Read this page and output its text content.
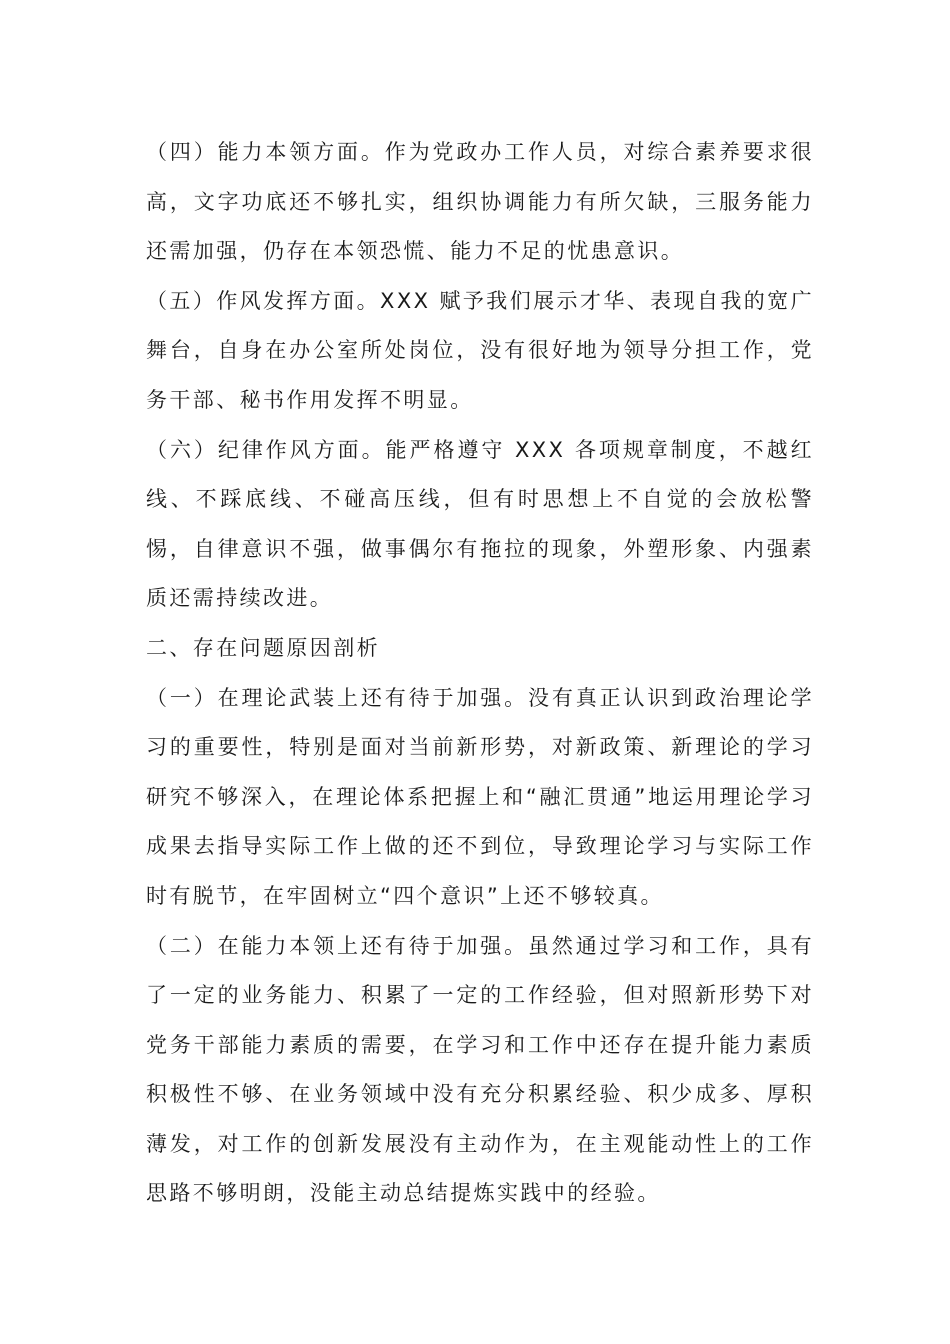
（四）能力本领方面。作为党政办工作人员，对综合素养要求很高，文字功底还不够扎实，组织协调能力有所欠缺，三服务能力还需加强，仍存在本领恐慌、能力不足的忧患意识。

（五）作风发挥方面。XXX 赋予我们展示才华、表现自我的宽广舞台，自身在办公室所处岗位，没有很好地为领导分担工作，党务干部、秘书作用发挥不明显。

（六）纪律作风方面。能严格遵守 XXX 各项规章制度，不越红线、不踩底线、不碰高压线，但有时思想上不自觉的会放松警惕，自律意识不强，做事偶尔有拖拉的现象，外塑形象、内强素质还需持续改进。

二、存在问题原因剖析

（一）在理论武装上还有待于加强。没有真正认识到政治理论学习的重要性，特别是面对当前新形势，对新政策、新理论的学习研究不够深入，在理论体系把握上和“融汇贯通”地运用理论学习成果去指导实际工作上做的还不到位，导致理论学习与实际工作时有脱节，在牢固树立“四个意识”上还不够较真。

（二）在能力本领上还有待于加强。虽然通过学习和工作，具有了一定的业务能力、积累了一定的工作经验，但对照新形势下对党务干部能力素质的需要，在学习和工作中还存在提升能力素质积极性不够、在业务领域中没有充分积累经验、积少成多、厚积薄发，对工作的创新发展没有主动作为，在主观能动性上的工作思路不够明朗，没能主动总结提炼实践中的经验。
